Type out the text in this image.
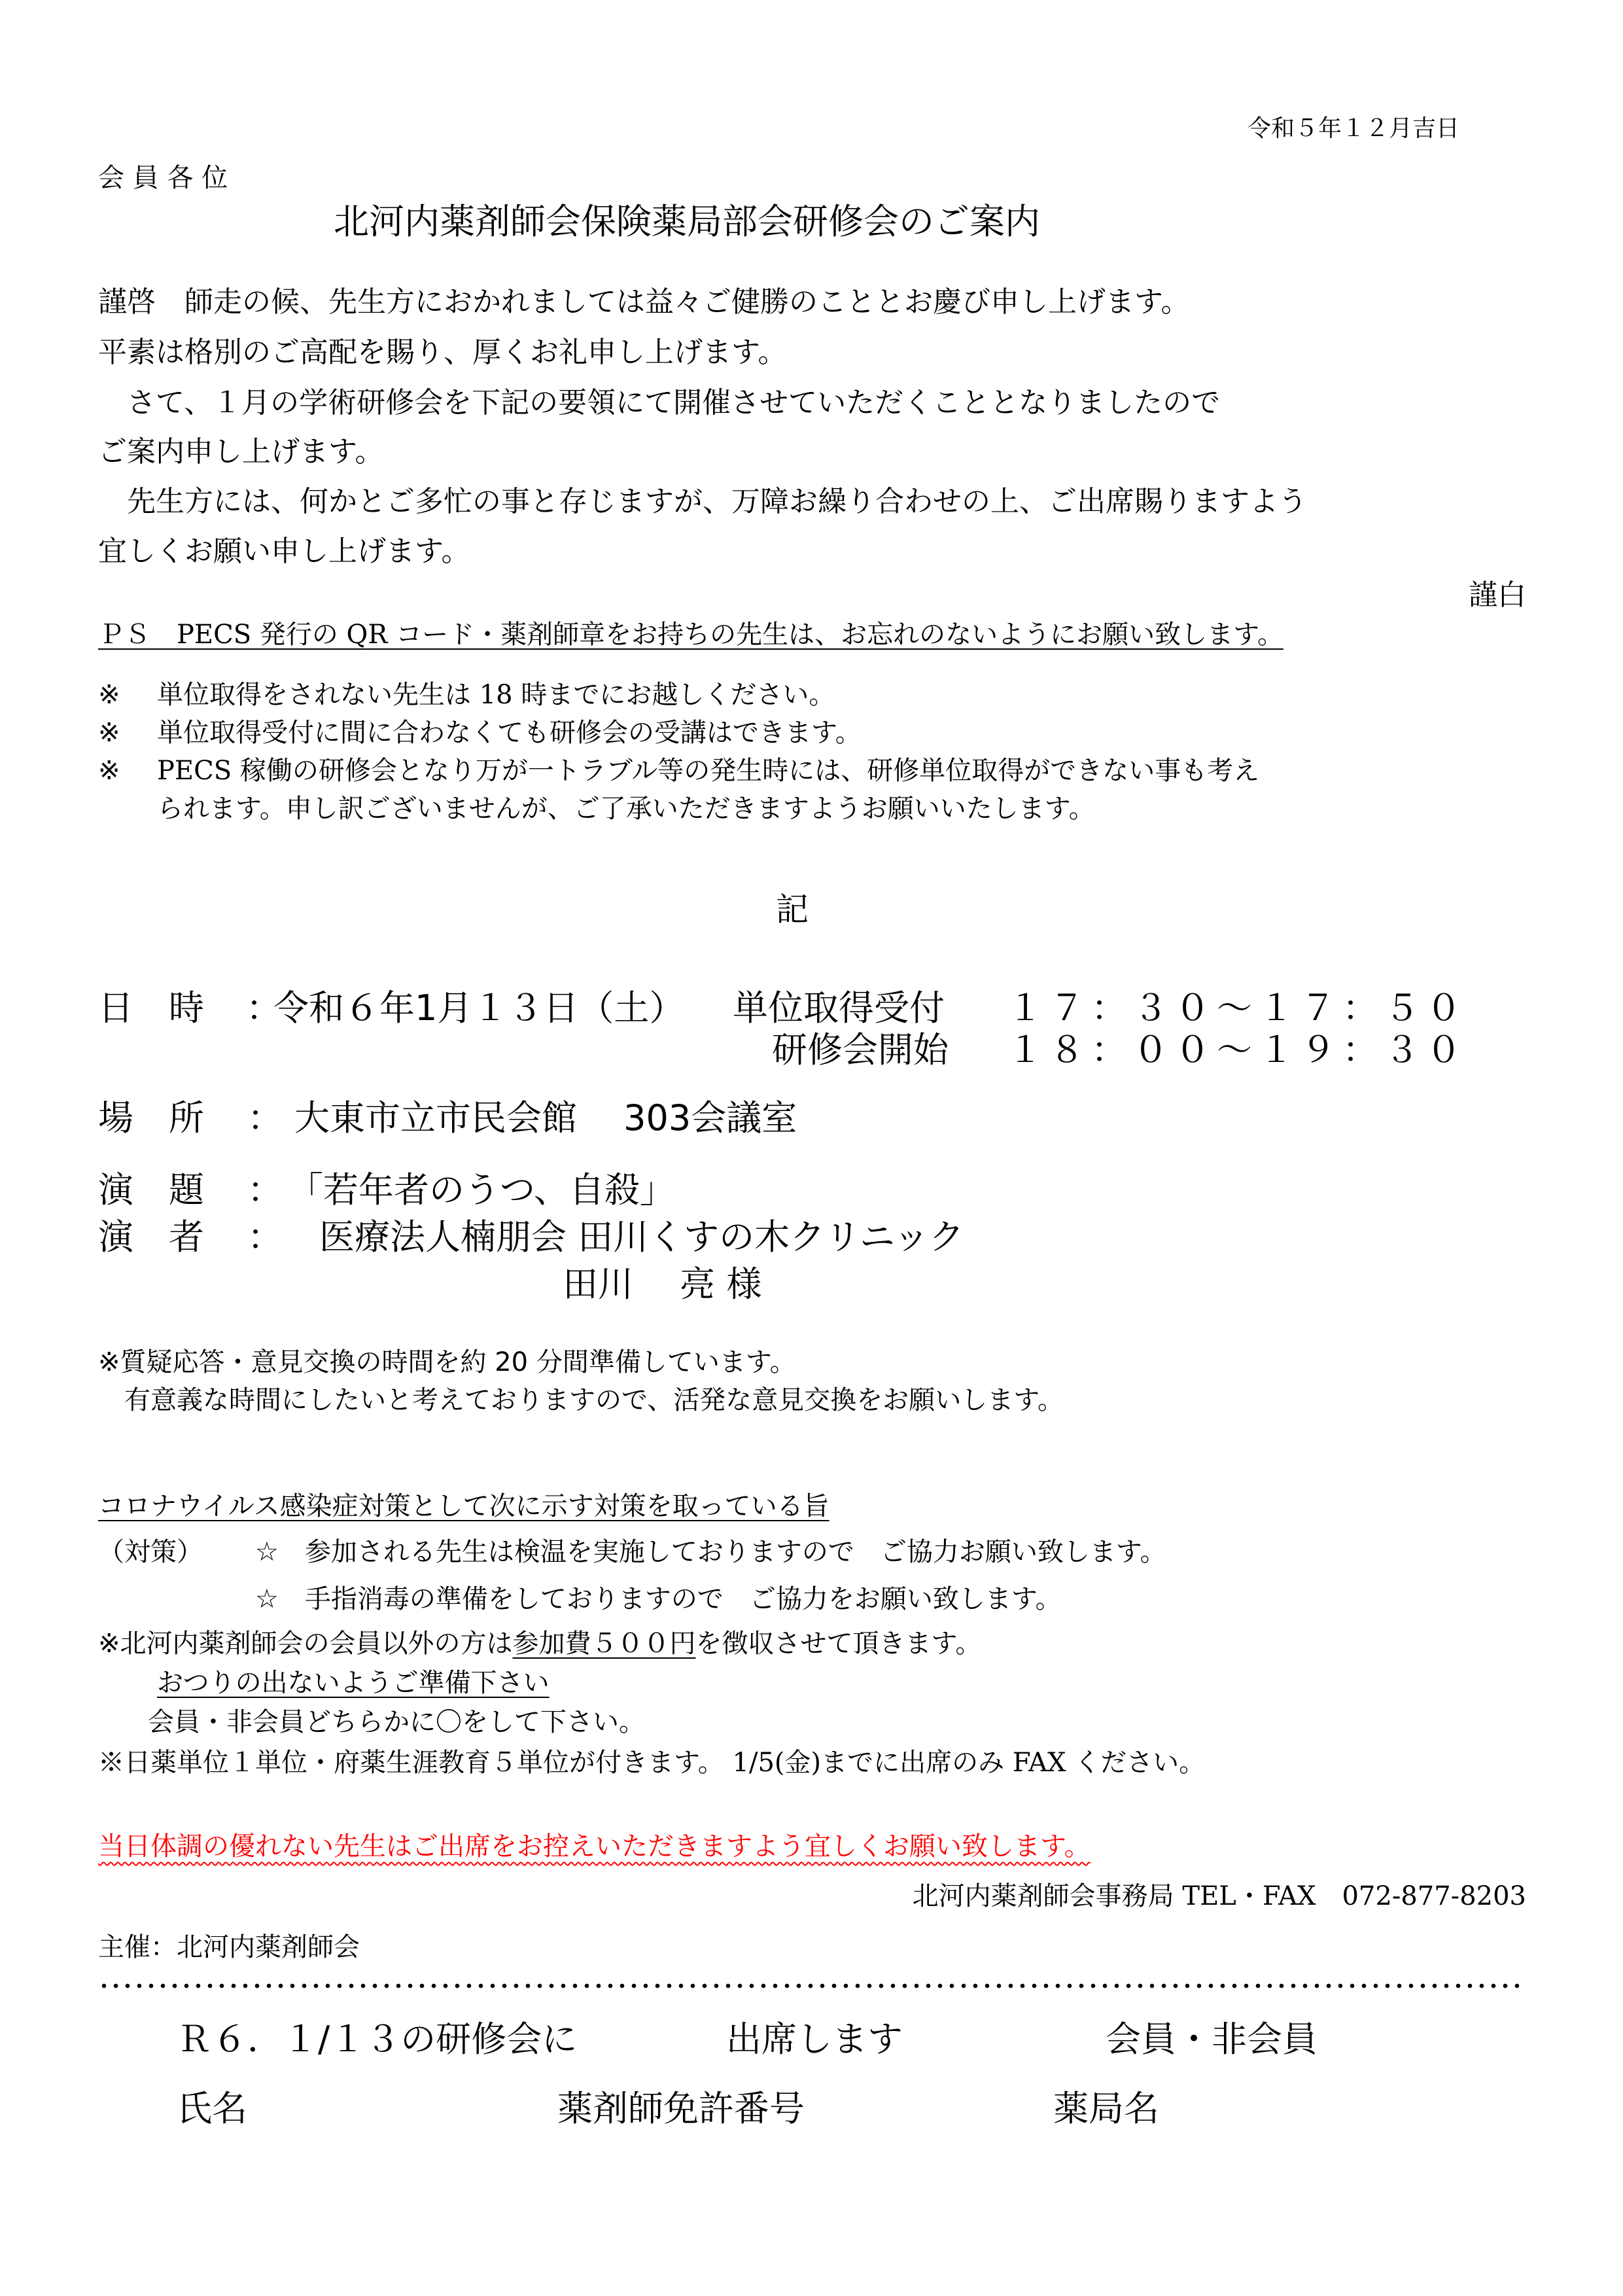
令和５年１２月吉日
会 員 各 位
北河内薬剤師会保険薬局部会研修会のご案内
謹啓　師走の候、先生方におかれましては益々ご健勝のこととお慶び申し上げます。
平素は格別のご高配を賜り、厚くお礼申し上げます。
　さて、１月の学術研修会を下記の要領にて開催させていただくこととなりましたので
ご案内申し上げます。
　先生方には、何かとご多忙の事と存じますが、万障お繰り合わせの上、ご出席賜りますよう
宜しくお願い申し上げます。
謹白
ＰＳ　PECS 発行の QR コード・薬剤師章をお持ちの先生は、お忘れのないようにお願い致します。
※ 単位取得をされない先生は 18 時までにお越しください。
※ 単位取得受付に間に合わなくても研修会の受講はできます。
※ PECS 稼働の研修会となり万が一トラブル等の発生時には、研修単位取得ができない事も考え
られます。申し訳ございませんが、ご了承いただきますようお願いいたします。
記
日　時 ：
令和６年1月１３日（土） 単位取得受付 １７：３０～１７：５０
研修会開始 １８：００～１９：３０
場　所 ： 大東市立市民会館　 303会議室
演　題 ： 「若年者のうつ、自殺」
演　者 ： 医療法人楠朋会 田川くすの木クリニック
田川　 亮 様
※質疑応答・意見交換の時間を約 20 分間準備しています。
　有意義な時間にしたいと考えておりますので、活発な意見交換をお願いします。
コロナウイルス感染症対策として次に示す対策を取っている旨
（対策） ☆　参加される先生は検温を実施しておりますので　ご協力お願い致します。
☆　手指消毒の準備をしておりますので　ご協力をお願い致します。
※北河内薬剤師会の会員以外の方は参加費５００円を徴収させて頂きます。
おつりの出ないようご準備下さい
会員・非会員どちらかに〇をして下さい。
※日薬単位１単位・府薬生涯教育５単位が付きます。 1/5(金)までに出席のみ FAX ください。
当日体調の優れない先生はご出席をお控えいただきますよう宜しくお願い致します。
北河内薬剤師会事務局 TEL・FAX　072-877-8203
主催：北河内薬剤師会
Ｒ６．１/１３の研修会に	出席します	会員・非会員
氏名	薬剤師免許番号	薬局名
